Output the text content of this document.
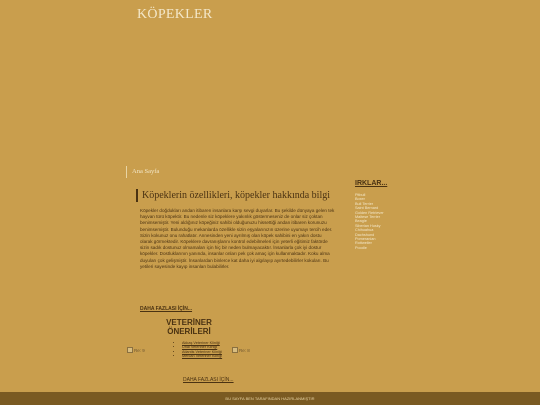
KÖPEKLER
Ana Sayfa
Köpeklerin özellikleri, köpekler hakkında bilgi
Köpekler doğdukları andan itibaren insanlara karşı sevgi duyarlar. Bu şekilde dünyaya gelen tek hayvan türü köpektir. Bu nedenle siz köpeklere yakınlık göstermeseniz de onlar siz çoktan benimsemiştir. Yeni aldığınız köpeğiniz sahibi olduğunuzu hissettiği andan itibaren korunuzu benimsemiştir. Bulunduğu mekanlarda özellikle sizin eşyalarınızın üzerine uyumayı tercih eder. Sizin kokunuz onu rahatlatır. Annesinden yeni ayrılmış olan köpek sahibini en yakın dostu olarak görmektedir. Köpeklere davranışlarını kontrol edebilmeleri için yeterli eğitimiz faktörde sizin sadık dostunuz olmamaları için hiç bir neden bulmayacaktır. İnsanlarla çok iyi dostur köpekler. Dostluklarının yanında, insanlar onları pek çok amaç için kullanmaktadır. Koku alma duyuları çok gelişmiştir. İnsanlardan binlerce kat daha iyi algılayıp ayırtedebilirler kokuları. Bu yetileri sayesinde kayıp insanları bulabilirler.
DAHA FAZLASI İÇİN...
VETERİNER ÖNERİLERİ
Re: 9
• Akkaş Veteriner Kliniği
• Ünal Veteriner Kliniği
• Atlantis Veteriner Kliniği
• Mercan Veteriner Kliniği
Re: 8
DAHA FAZLASI İÇİN...
IRKLAR...
Pitbull
Boxer
Bull Terrier
Saint Bernard
Golden Retriever
Maltese Terrier
Beagle
Siberian Husky
Chihuahua
Dachshund
Pomeranian
Rottweiler
Poodle
BU SAYFA BEN TARAFINDAN HAZIRLANMIŞTIR
